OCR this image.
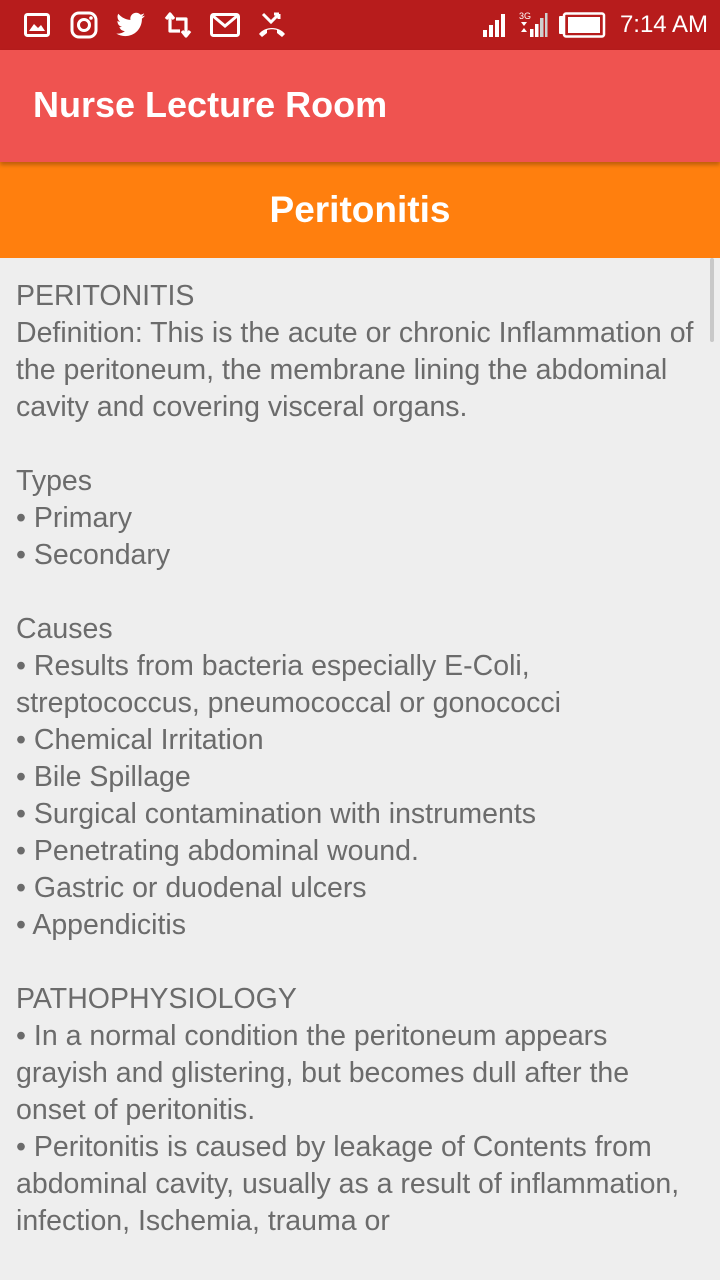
3G	7:14 AM
Nurse Lecture Room
Peritonitis

PERITONITIS
Definition: This is the acute or chronic Inflammation of the peritoneum, the membrane lining the abdominal cavity and covering visceral organs.

Types
• Primary
• Secondary

Causes
• Results from bacteria especially E-Coli, streptococcus, pneumococcal or gonococci
• Chemical Irritation
• Bile Spillage
• Surgical contamination with instruments
• Penetrating abdominal wound.
• Gastric or duodenal ulcers
• Appendicitis

PATHOPHYSIOLOGY
• In a normal condition the peritoneum appears grayish and glistering, but becomes dull after the onset of peritonitis.
• Peritonitis is caused by leakage of Contents from abdominal cavity, usually as a result of inflammation, infection, Ischemia, trauma or
